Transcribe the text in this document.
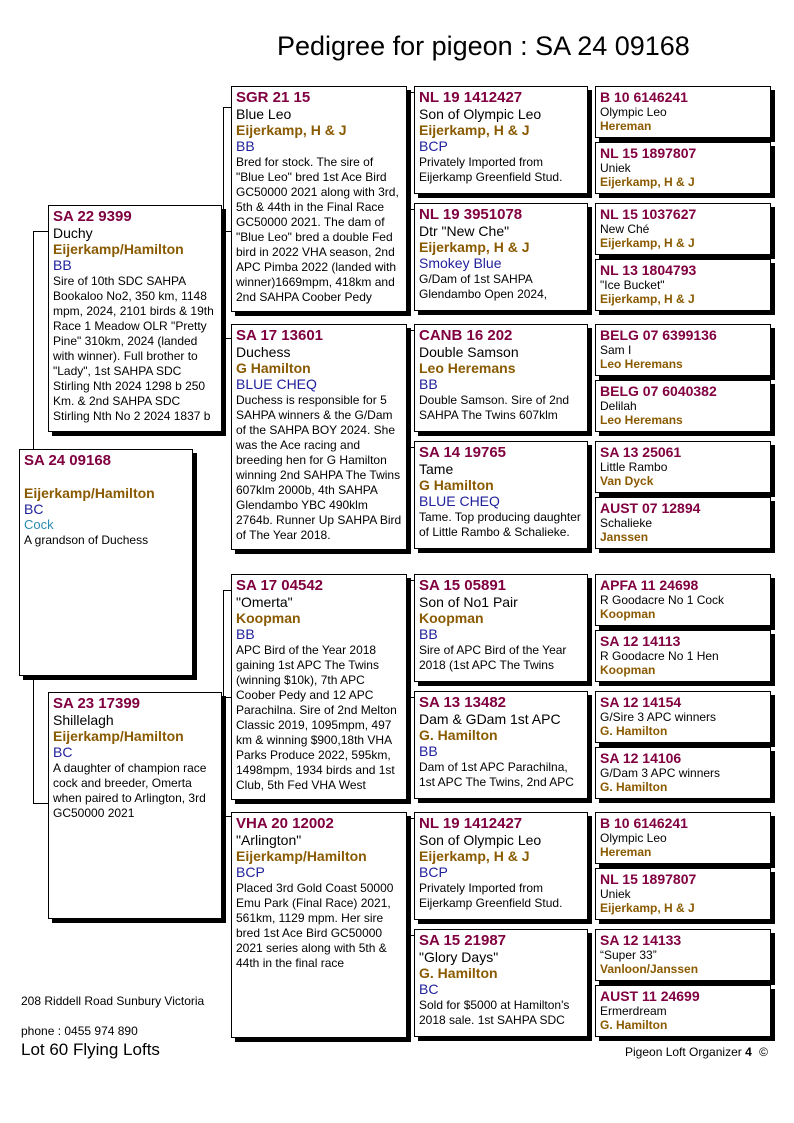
Pedigree for pigeon : SA 24 09168
SA 24 09168
Eijerkamp/Hamilton
BC
Cock
A grandson of Duchess
SA 22 9399
Duchy
Eijerkamp/Hamilton
BB
Sire of 10th SDC SAHPA Bookaloo No2, 350 km, 1148 mpm, 2024, 2101 birds & 19th Race 1 Meadow OLR "Pretty Pine" 310km, 2024 (landed with winner). Full brother to "Lady", 1st SAHPA SDC Stirling Nth 2024 1298 b 250 Km. & 2nd SAHPA SDC Stirling Nth No 2 2024 1837 b
SA 23 17399
Shillelagh
Eijerkamp/Hamilton
BC
A daughter of champion race cock and breeder, Omerta when paired to Arlington, 3rd GC50000 2021
SGR 21 15
Blue Leo
Eijerkamp, H & J
BB
Bred for stock. The sire of "Blue Leo" bred 1st Ace Bird GC50000 2021 along with 3rd, 5th & 44th in the Final Race GC50000 2021. The dam of "Blue Leo" bred a double Fed bird in 2022 VHA season, 2nd APC Pimba 2022 (landed with winner)1669mpm, 418km and 2nd SAHPA Coober Pedy
SA 17 13601
Duchess
G Hamilton
BLUE CHEQ
Duchess is responsible for 5 SAHPA winners & the G/Dam of the SAHPA BOY 2024. She was the Ace racing and breeding hen for G Hamilton winning 2nd SAHPA The Twins 607klm 2000b, 4th SAHPA Glendambo YBC 490klm 2764b. Runner Up SAHPA Bird of The Year 2018.
SA 17 04542
"Omerta"
Koopman
BB
APC Bird of the Year 2018 gaining 1st APC The Twins (winning $10k), 7th APC Coober Pedy and 12 APC Parachilna. Sire of 2nd Melton Classic 2019, 1095mpm, 497 km & winning $900,18th VHA Parks Produce 2022, 595km, 1498mpm, 1934 birds and 1st Club, 5th Fed VHA West
VHA 20 12002
"Arlington"
Eijerkamp/Hamilton
BCP
Placed 3rd Gold Coast 50000 Emu Park (Final Race) 2021, 561km, 1129 mpm. Her sire bred 1st Ace Bird GC50000 2021 series along with 5th & 44th in the final race
NL 19 1412427
Son of Olympic Leo
Eijerkamp, H & J
BCP
Privately Imported from Eijerkamp Greenfield Stud.
NL 19 3951078
Dtr "New Che"
Eijerkamp, H & J
Smokey Blue
G/Dam of 1st SAHPA Glendambo Open 2024,
CANB 16 202
Double Samson
Leo Heremans
BB
Double Samson. Sire of 2nd SAHPA The Twins 607klm
SA 14 19765
Tame
G Hamilton
BLUE CHEQ
Tame. Top producing daughter of Little Rambo & Schalieke.
SA 15 05891
Son of No1 Pair
Koopman
BB
Sire of APC Bird of the Year 2018 (1st APC The Twins
SA 13 13482
Dam & GDam 1st APC
G. Hamilton
BB
Dam of 1st APC Parachilna, 1st APC The Twins, 2nd APC
NL 19 1412427
Son of Olympic Leo
Eijerkamp, H & J
BCP
Privately Imported from Eijerkamp Greenfield Stud.
SA 15 21987
"Glory Days"
G. Hamilton
BC
Sold for $5000 at Hamilton's 2018 sale. 1st SAHPA SDC
B 10 6146241
Olympic Leo
Hereman
NL 15 1897807
Uniek
Eijerkamp, H & J
NL 15 1037627
New Ché
Eijerkamp, H & J
NL 13 1804793
"Ice Bucket"
Eijerkamp, H & J
BELG 07 6399136
Sam I
Leo Heremans
BELG 07 6040382
Delilah
Leo Heremans
SA 13 25061
Little Rambo
Van Dyck
AUST 07 12894
Schalieke
Janssen
APFA 11 24698
R Goodacre No 1 Cock
Koopman
SA 12 14113
R Goodacre No 1 Hen
Koopman
SA 12 14154
G/Sire 3 APC winners
G. Hamilton
SA 12 14106
G/Dam 3 APC winners
G. Hamilton
B 10 6146241
Olympic Leo
Hereman
NL 15 1897807
Uniek
Eijerkamp, H & J
SA 12 14133
“Super 33”
Vanloon/Janssen
AUST 11 24699
Ermerdream
G. Hamilton
208 Riddell Road Sunbury Victoria
phone : 0455 974 890
Lot 60 Flying Lofts	Pigeon Loft Organizer 4 ©
